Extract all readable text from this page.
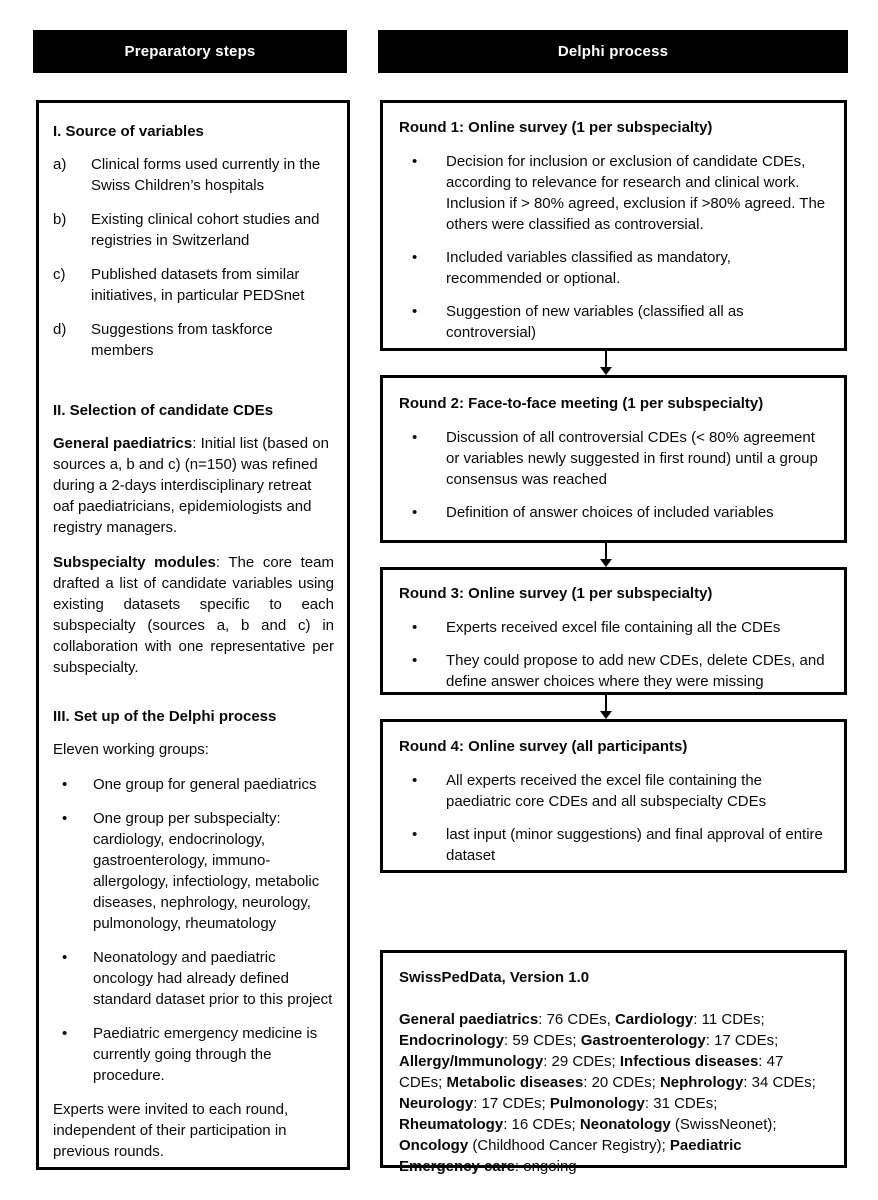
Preparatory steps	Delphi process
I. Source of variables
a)	Clinical forms used currently in the Swiss Children’s hospitals
b)	Existing clinical cohort studies and registries in Switzerland
c)	Published datasets from similar initiatives, in particular PEDSnet
d)	Suggestions from taskforce members
II. Selection of candidate CDEs

General paediatrics: Initial list (based on sources a, b and c) (n=150) was refined during a 2-days interdisciplinary retreat oaf paediatricians, epidemiologists and registry managers.

Subspecialty modules: The core team drafted a list of candidate variables using existing datasets specific to each subspecialty (sources a, b and c) in collaboration with one representative per subspecialty.

III. Set up of the Delphi process

Eleven working groups:

•	One group for general paediatrics
•	One group per subspecialty: cardiology, endocrinology, gastroenterology, immuno-allergology, infectiology, metabolic diseases, nephrology, neurology, pulmonology, rheumatology
•	Neonatology and paediatric oncology had already defined standard dataset prior to this project
•	Paediatric emergency medicine is currently going through the procedure.

Experts were invited to each round, independent of their participation in previous rounds.

Round 1: Online survey (1 per subspecialty)
•	Decision for inclusion or exclusion of candidate CDEs, according to relevance for research and clinical work. Inclusion if > 80% agreed, exclusion if >80% agreed. The others were classified as controversial.
•	Included variables classified as mandatory, recommended or optional.
•	Suggestion of new variables (classified all as controversial)
Round 2: Face-to-face meeting (1 per subspecialty)
•	Discussion of all controversial CDEs (< 80% agreement or variables newly suggested in first round) until a group consensus was reached
•	Definition of answer choices of included variables
Round 3: Online survey (1 per subspecialty)
•	Experts received excel file containing all the CDEs
•	They could propose to add new CDEs, delete CDEs, and define answer choices where they were missing
Round 4: Online survey (all participants)
•	All experts received the excel file containing the paediatric core CDEs and all subspecialty CDEs
•	last input (minor suggestions) and final approval of entire dataset
SwissPedData, Version 1.0
General paediatrics: 76 CDEs, Cardiology: 11 CDEs; Endocrinology: 59 CDEs; Gastroenterology: 17 CDEs; Allergy/Immunology: 29 CDEs; Infectious diseases: 47 CDEs; Metabolic diseases: 20 CDEs; Nephrology: 34 CDEs; Neurology: 17 CDEs; Pulmonology: 31 CDEs; Rheumatology: 16 CDEs; Neonatology (SwissNeonet); Oncology (Childhood Cancer Registry); Paediatric Emergency care: ongoing
